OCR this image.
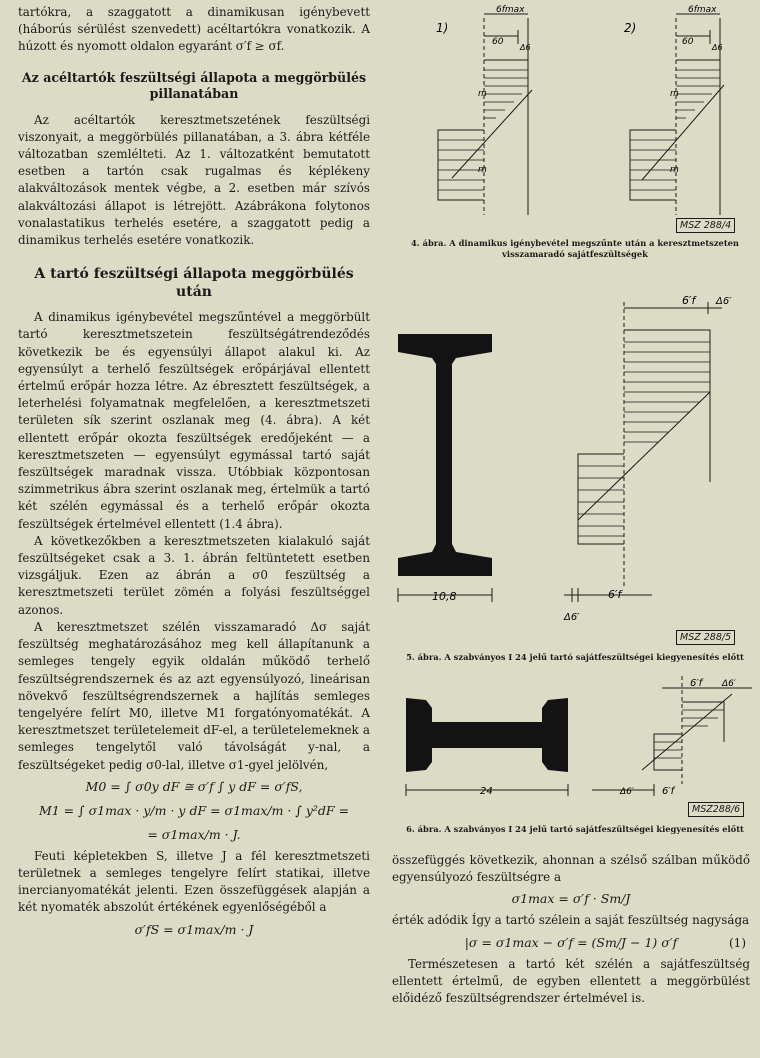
tartókra, a szaggatott a dinamikusan igénybevett (háborús sérülést szenvedett) acéltartókra vonatkozik. A húzott és nyomott oldalon egyaránt σ′f ≥ σf.

Az acéltartók feszültségi állapota a meggörbülés pillanatában

Az acéltartók keresztmetszetének feszültségi viszonyait, a meggörbülés pillanatában, a 3. ábra kétféle változatban szemlélteti. Az 1. változatként bemutatott esetben a tartón csak rugalmas és képlékeny alakváltozások mentek végbe, a 2. esetben már szívós alakváltozási állapot is létrejött. Azábrákona folytonos vonalastatikus terhelés esetére, a szaggatott pedig a dinamikus terhelés esetére vonatkozik.

A tartó feszültségi állapota meggörbülés után

A dinamikus igénybevétel megszűntével a meggörbült tartó keresztmetszetein feszültségátrendeződés következik be és egyensúlyi állapot alakul ki. Az egyensúlyt a terhelő feszültségek erőpárjával ellentett értelmű erőpár hozza létre. Az ébresztett feszültségek, a leterhelési folyamatnak megfelelően, a keresztmetszeti területen sík szerint oszlanak meg (4. ábra). A két ellentett erőpár okozta feszültségek eredőjeként — a keresztmetszeten — egyensúlyt egymással tartó saját feszültségek maradnak vissza. Utóbbiak központosan szimmetrikus ábra szerint oszlanak meg, értelmük a tartó két szélén egymással és a terhelő erőpár okozta feszültségek értelmével ellentett (1.4 ábra).

A következőkben a keresztmetszeten kialakuló saját feszültségeket csak a 3. 1. ábrán feltüntetett esetben vizsgáljuk. Ezen az ábrán a σ0 feszültség a keresztmetszeti terület zömén a folyási feszültséggel azonos.

A keresztmetszet szélén visszamaradó Δσ saját feszültség meghatározásához meg kell állapítanunk a semleges tengely egyik oldalán működő terhelő feszültségrendszernek és az azt egyensúlyozó, lineárisan növekvő feszültségrendszernek a hajlítás semleges tengelyére felírt M0, illetve M1 forgatónyomatékát. A keresztmetszet területelemeit dF-el, a területelemeknek a semleges tengelytől való távolságát y-nal, a feszültségeket pedig σ0-lal, illetve σ1-gyel jelölvén,

M0 = ∫ σ0y dF ≅ σ′f ∫ y dF = σ′fS,
M1 = ∫ σ1max · y/m · y dF = σ1max/m · ∫ y²dF =
= σ1max/m · J.

Feuti képletekben S, illetve J a fél keresztmetszeti területnek a semleges tengelyre felírt statikai, illetve inercianyomatékát jelenti. Ezen összefüggések alapján a két nyomaték abszolút értékének egyenlőségéből a

σ′fS = σ1max/m · J
1)	2)
6fmax	6fmax
60	60
Δ6	Δ6
m
m
m
m
MSZ 288/4
4. ábra. A dinamikus igénybevétel megszűnte után a keresztmetszeten visszamaradó sajátfeszültségek
6′f Δ6′
10,8	6′f
Δ6′
MSZ 288/5
5. ábra. A szabványos I 24 jelű tartó sajátfeszültségei kiegyenesítés előtt
6′f Δ6′
24	Δ6′	6′f
MSZ288/6
6. ábra. A szabványos I 24 jelű tartó sajátfeszültségei kiegyenesítés előtt

összefüggés következik, ahonnan a szélső szálban működő egyensúlyozó feszültségre a

σ1max = σ′f · Sm/J

érték adódik Így a tartó szélein a saját feszültség nagysága

|σ = σ1max − σ′f = (Sm/J − 1) σ′f	(1)

Természetesen a tartó két szélén a sajátfeszültség ellentett értelmű, de egyben ellentett a meggörbülést előidéző feszültségrendszer értelmével is.
